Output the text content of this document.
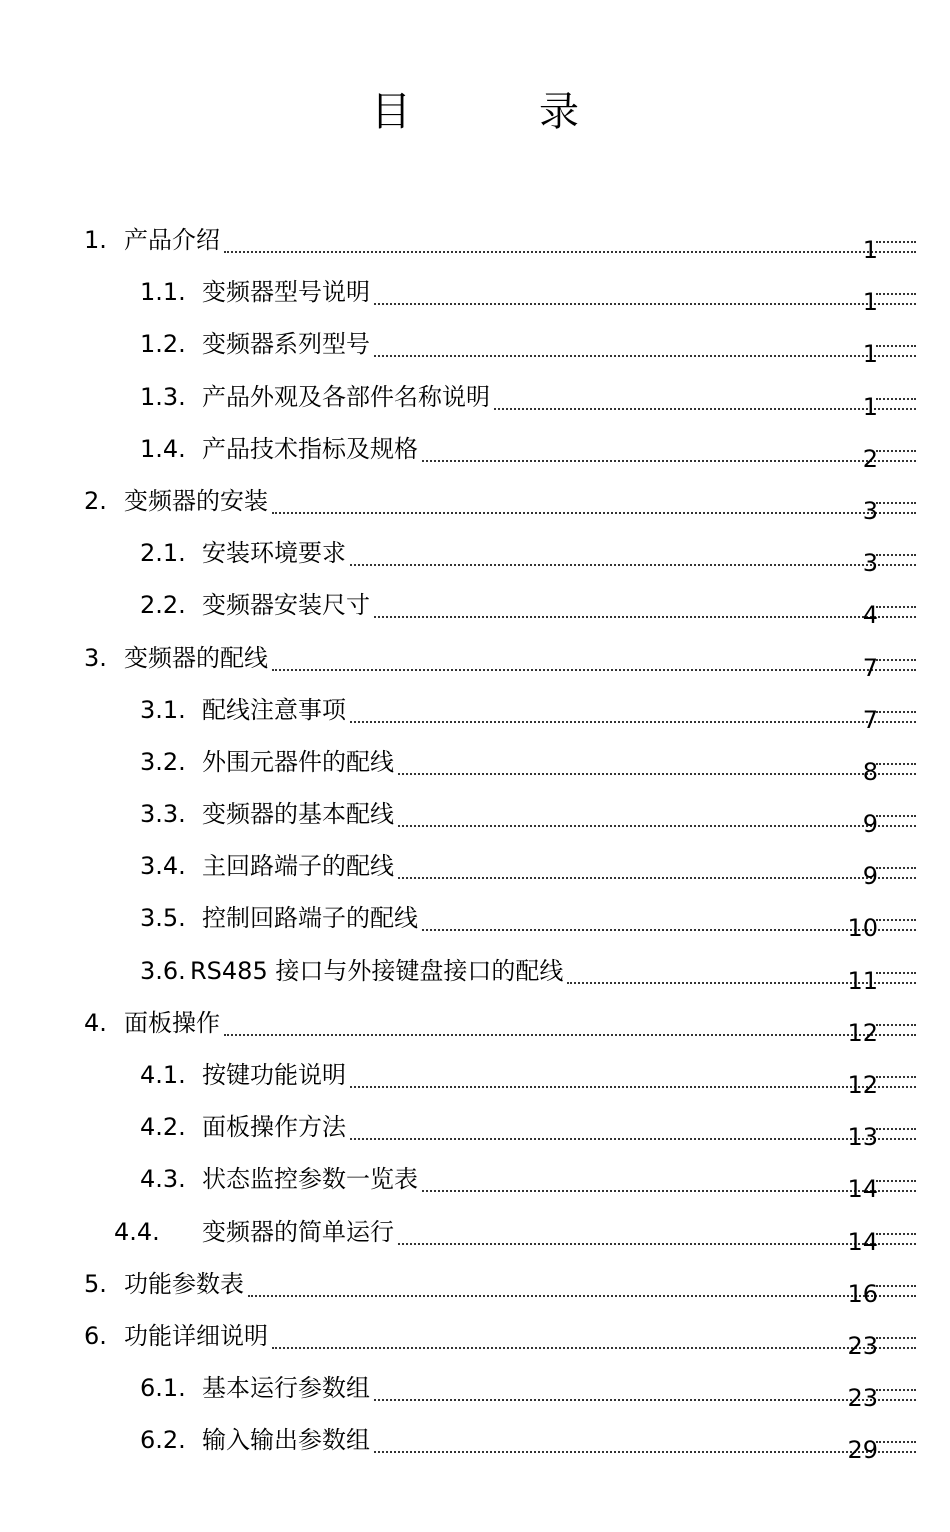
目　录
1. 产品介绍	1
1.1. 变频器型号说明	1
1.2. 变频器系列型号	1
1.3. 产品外观及各部件名称说明	1
1.4. 产品技术指标及规格	2
2. 变频器的安装	3
2.1. 安装环境要求	3
2.2. 变频器安装尺寸	4
3. 变频器的配线	7
3.1. 配线注意事项	7
3.2. 外围元器件的配线	8
3.3. 变频器的基本配线	9
3.4. 主回路端子的配线	9
3.5. 控制回路端子的配线	10
3.6. RS485 接口与外接键盘接口的配线	11
4. 面板操作	12
4.1. 按键功能说明	12
4.2. 面板操作方法	13
4.3. 状态监控参数一览表	14
4.4.	变频器的简单运行	14
5. 功能参数表	16
6. 功能详细说明	23
6.1. 基本运行参数组	23
6.2. 输入输出参数组	29
